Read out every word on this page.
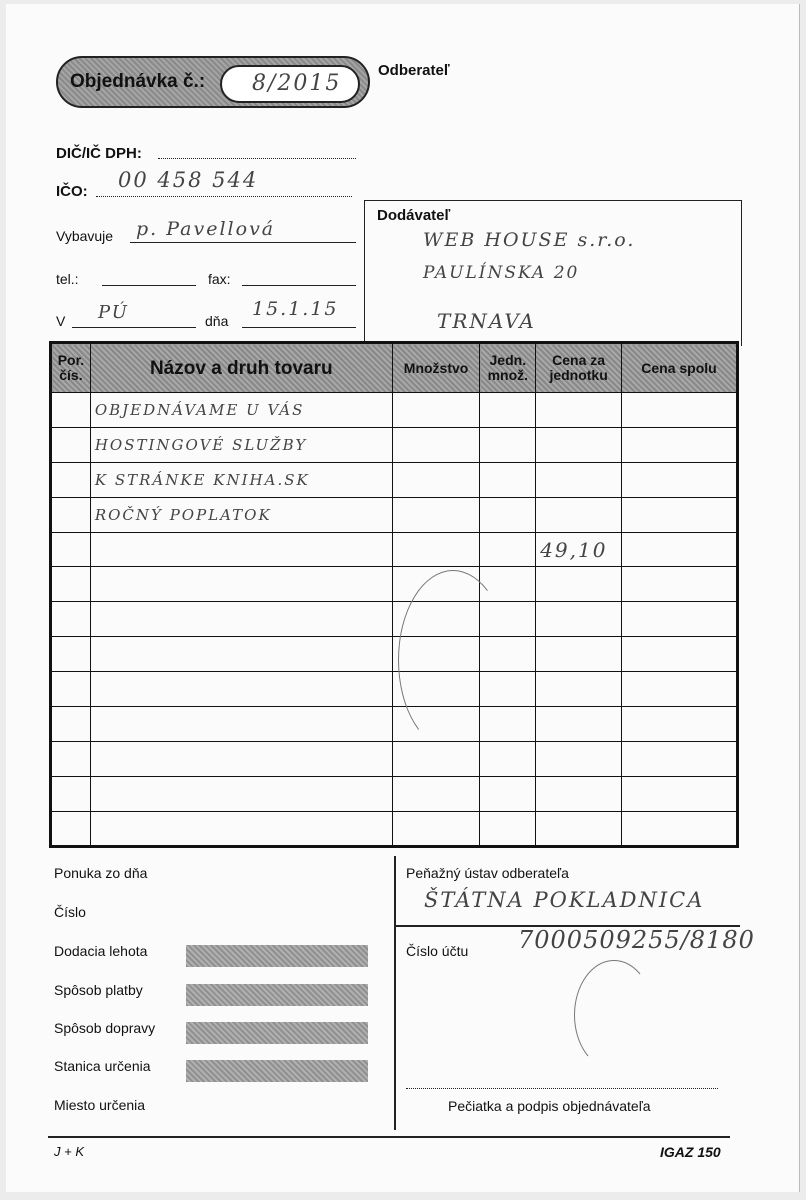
Objednávka č.: 8/2015
Odberateľ
DIČ/IČ DPH:
IČO: 00 458 544
Vybavuje p. Pavellová
tel.:	fax:
V PÚ	dňa
15.1.15
Dodávateľ
WEB HOUSE s.r.o.
PAULÍNSKA 20
TRNAVA
Por. čís.	Názov a druh tovaru	Množstvo	Jedn. množ.	Cena za jednotku	Cena spolu
	OBJEDNÁVAME U VÁS				
	HOSTINGOVÉ SLUŽBY				
	K STRÁNKE KNIHA.SK				
	ROČNÝ POPLATOK				
				49,10	

Ponuka zo dňa
Číslo
Dodacia lehota
Spôsob platby
Spôsob dopravy
Stanica určenia
Miesto určenia
Peňažný ústav odberateľa
ŠTÁTNA POKLADNICA
Číslo účtu 7000509255/8180
Pečiatka a podpis objednávateľa
J + K	IGAZ 150
